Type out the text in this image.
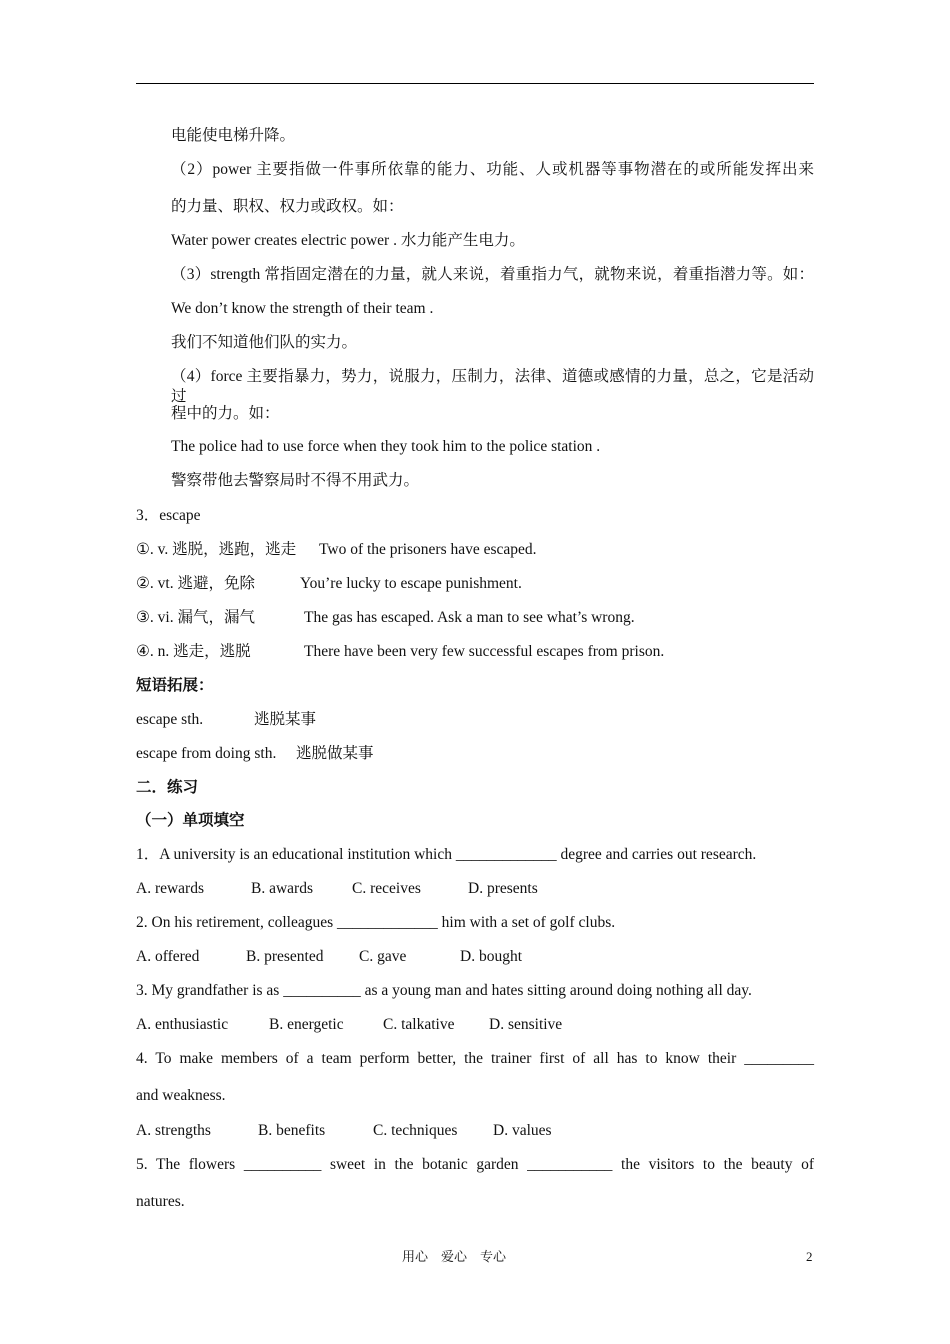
电能使电梯升降。
（2）power 主要指做一件事所依靠的能力、功能、人或机器等事物潜在的或所能发挥出来
的力量、职权、权力或政权。如：
Water power creates electric power . 水力能产生电力。
（3）strength 常指固定潜在的力量，就人来说，着重指力气，就物来说，着重指潜力等。如：
We don’t know the strength of their team .
我们不知道他们队的实力。
（4）force 主要指暴力，势力，说服力，压制力，法律、道德或感情的力量，总之，它是活动过
程中的力。如：
The police had to use force when they took him to the police station .
警察带他去警察局时不得不用武力。
3．escape
①. v. 逃脱，逃跑，逃走 Two of the prisoners have escaped.
②. vt. 逃避，免除	You’re lucky to escape punishment.
③. vi. 漏气，漏气	The gas has escaped. Ask a man to see what’s wrong.
④. n. 逃走，逃脱	There have been very few successful escapes from prison.
短语拓展：
escape sth.	逃脱某事
escape from doing sth. 逃脱做某事
二．练习
（一）单项填空
1．A university is an educational institution which _____________ degree and carries out research.
A. rewards	B. awards	C. receives	D. presents
2. On his retirement, colleagues _____________ him with a set of golf clubs.
A. offered	B. presented C. gave	D. bought
3. My grandfather is as __________ as a young man and hates sitting around doing nothing all day.
A. enthusiastic	B. energetic	C. talkative D. sensitive
4. To make members of a team perform better, the trainer first of all has to know their _________
and weakness.
A. strengths	B. benefits	C. techniques D. values
5. The flowers __________ sweet in the botanic garden ___________ the visitors to the beauty of
natures.
用心　爱心　专心	2
